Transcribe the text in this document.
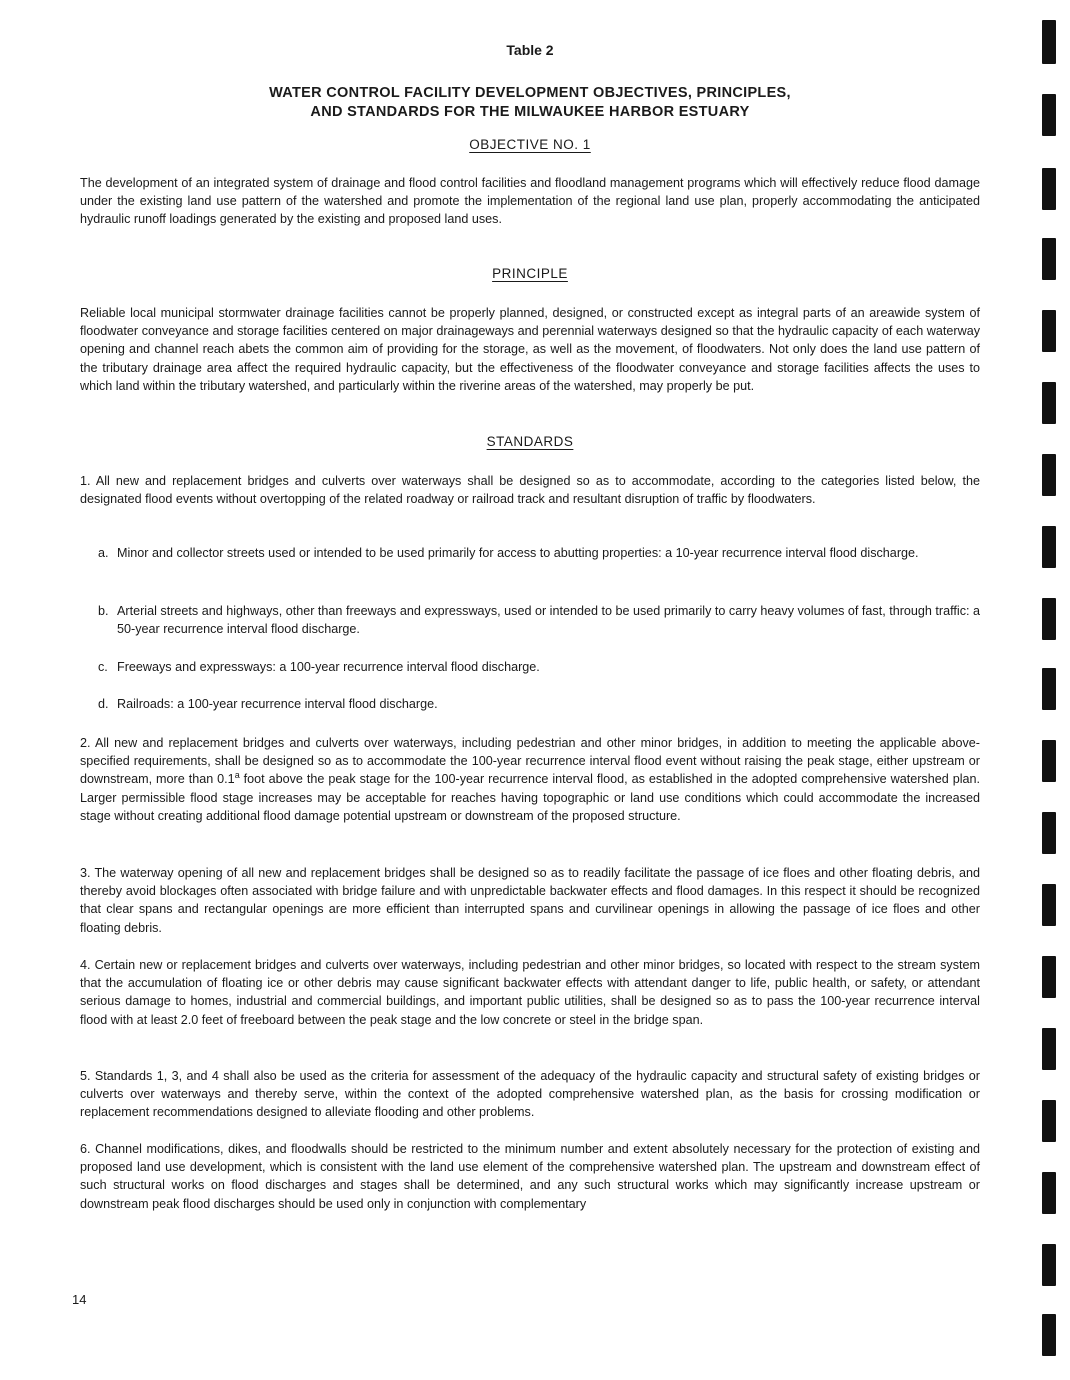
Table 2
WATER CONTROL FACILITY DEVELOPMENT OBJECTIVES, PRINCIPLES,
AND STANDARDS FOR THE MILWAUKEE HARBOR ESTUARY
OBJECTIVE NO. 1

The development of an integrated system of drainage and flood control facilities and floodland management programs which will effectively reduce flood damage under the existing land use pattern of the watershed and promote the implementation of the regional land use plan, properly accommodating the anticipated hydraulic runoff loadings generated by the existing and proposed land uses.

PRINCIPLE

Reliable local municipal stormwater drainage facilities cannot be properly planned, designed, or constructed except as integral parts of an areawide system of floodwater conveyance and storage facilities centered on major drainageways and perennial waterways designed so that the hydraulic capacity of each waterway opening and channel reach abets the common aim of providing for the storage, as well as the movement, of floodwaters. Not only does the land use pattern of the tributary drainage area affect the required hydraulic capacity, but the effectiveness of the floodwater conveyance and storage facilities affects the uses to which land within the tributary watershed, and particularly within the riverine areas of the watershed, may properly be put.

STANDARDS

1. All new and replacement bridges and culverts over waterways shall be designed so as to accommodate, according to the categories listed below, the designated flood events without overtopping of the related roadway or railroad track and resultant disruption of traffic by floodwaters.

a. Minor and collector streets used or intended to be used primarily for access to abutting properties: a 10-year recurrence interval flood discharge.
b. Arterial streets and highways, other than freeways and expressways, used or intended to be used primarily to carry heavy volumes of fast, through traffic: a 50-year recurrence interval flood discharge.
c. Freeways and expressways: a 100-year recurrence interval flood discharge.
d. Railroads: a 100-year recurrence interval flood discharge.

2. All new and replacement bridges and culverts over waterways, including pedestrian and other minor bridges, in addition to meeting the applicable above-specified requirements, shall be designed so as to accommodate the 100-year recurrence interval flood event without raising the peak stage, either upstream or downstream, more than 0.1$^a$ foot above the peak stage for the 100-year recurrence interval flood, as established in the adopted comprehensive watershed plan. Larger permissible flood stage increases may be acceptable for reaches having topographic or land use conditions which could accommodate the increased stage without creating additional flood damage potential upstream or downstream of the proposed structure.

3. The waterway opening of all new and replacement bridges shall be designed so as to readily facilitate the passage of ice floes and other floating debris, and thereby avoid blockages often associated with bridge failure and with unpredictable backwater effects and flood damages. In this respect it should be recognized that clear spans and rectangular openings are more efficient than interrupted spans and curvilinear openings in allowing the passage of ice floes and other floating debris.

4. Certain new or replacement bridges and culverts over waterways, including pedestrian and other minor bridges, so located with respect to the stream system that the accumulation of floating ice or other debris may cause significant backwater effects with attendant danger to life, public health, or safety, or attendant serious damage to homes, industrial and commercial buildings, and important public utilities, shall be designed so as to pass the 100-year recurrence interval flood with at least 2.0 feet of freeboard between the peak stage and the low concrete or steel in the bridge span.

5. Standards 1, 3, and 4 shall also be used as the criteria for assessment of the adequacy of the hydraulic capacity and structural safety of existing bridges or culverts over waterways and thereby serve, within the context of the adopted comprehensive watershed plan, as the basis for crossing modification or replacement recommendations designed to alleviate flooding and other problems.

6. Channel modifications, dikes, and floodwalls should be restricted to the minimum number and extent absolutely necessary for the protection of existing and proposed land use development, which is consistent with the land use element of the comprehensive watershed plan. The upstream and downstream effect of such structural works on flood discharges and stages shall be determined, and any such structural works which may significantly increase upstream or downstream peak flood discharges should be used only in conjunction with complementary

14
